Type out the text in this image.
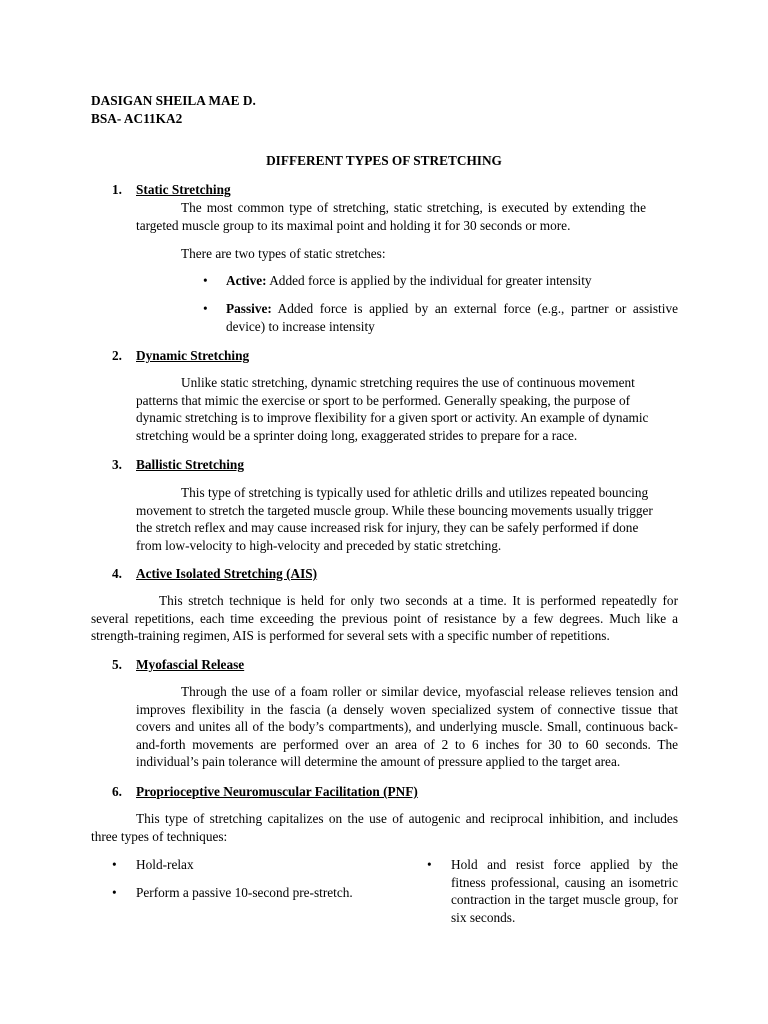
DASIGAN SHEILA MAE D.
BSA- AC11KA2
DIFFERENT TYPES OF STRETCHING
1. Static Stretching

The most common type of stretching, static stretching, is executed by extending the targeted muscle group to its maximal point and holding it for 30 seconds or more.

There are two types of static stretches:
•	Active: Added force is applied by the individual for greater intensity

•	Passive: Added force is applied by an external force (e.g., partner or assistive device) to increase intensity

2. Dynamic Stretching

Unlike static stretching, dynamic stretching requires the use of continuous movement patterns that mimic the exercise or sport to be performed. Generally speaking, the purpose of dynamic stretching is to improve flexibility for a given sport or activity. An example of dynamic stretching would be a sprinter doing long, exaggerated strides to prepare for a race.

3. Ballistic Stretching

This type of stretching is typically used for athletic drills and utilizes repeated bouncing movement to stretch the targeted muscle group. While these bouncing movements usually trigger the stretch reflex and may cause increased risk for injury, they can be safely performed if done from low-velocity to high-velocity and preceded by static stretching.

4. Active Isolated Stretching (AIS)

This stretch technique is held for only two seconds at a time. It is performed repeatedly for several repetitions, each time exceeding the previous point of resistance by a few degrees. Much like a strength-training regimen, AIS is performed for several sets with a specific number of repetitions.

5. Myofascial Release

Through the use of a foam roller or similar device, myofascial release relieves tension and improves flexibility in the fascia (a densely woven specialized system of connective tissue that covers and unites all of the body’s compartments), and underlying muscle. Small, continuous back-and-forth movements are performed over an area of 2 to 6 inches for 30 to 60 seconds. The individual’s pain tolerance will determine the amount of pressure applied to the target area.

6. Proprioceptive Neuromuscular Facilitation (PNF)

This type of stretching capitalizes on the use of autogenic and reciprocal inhibition, and includes three types of techniques:

•	Hold-relax
•	Perform a passive 10-second pre-stretch.
•	Hold and resist force applied by the fitness professional, causing an isometric contraction in the target muscle group, for six seconds.
